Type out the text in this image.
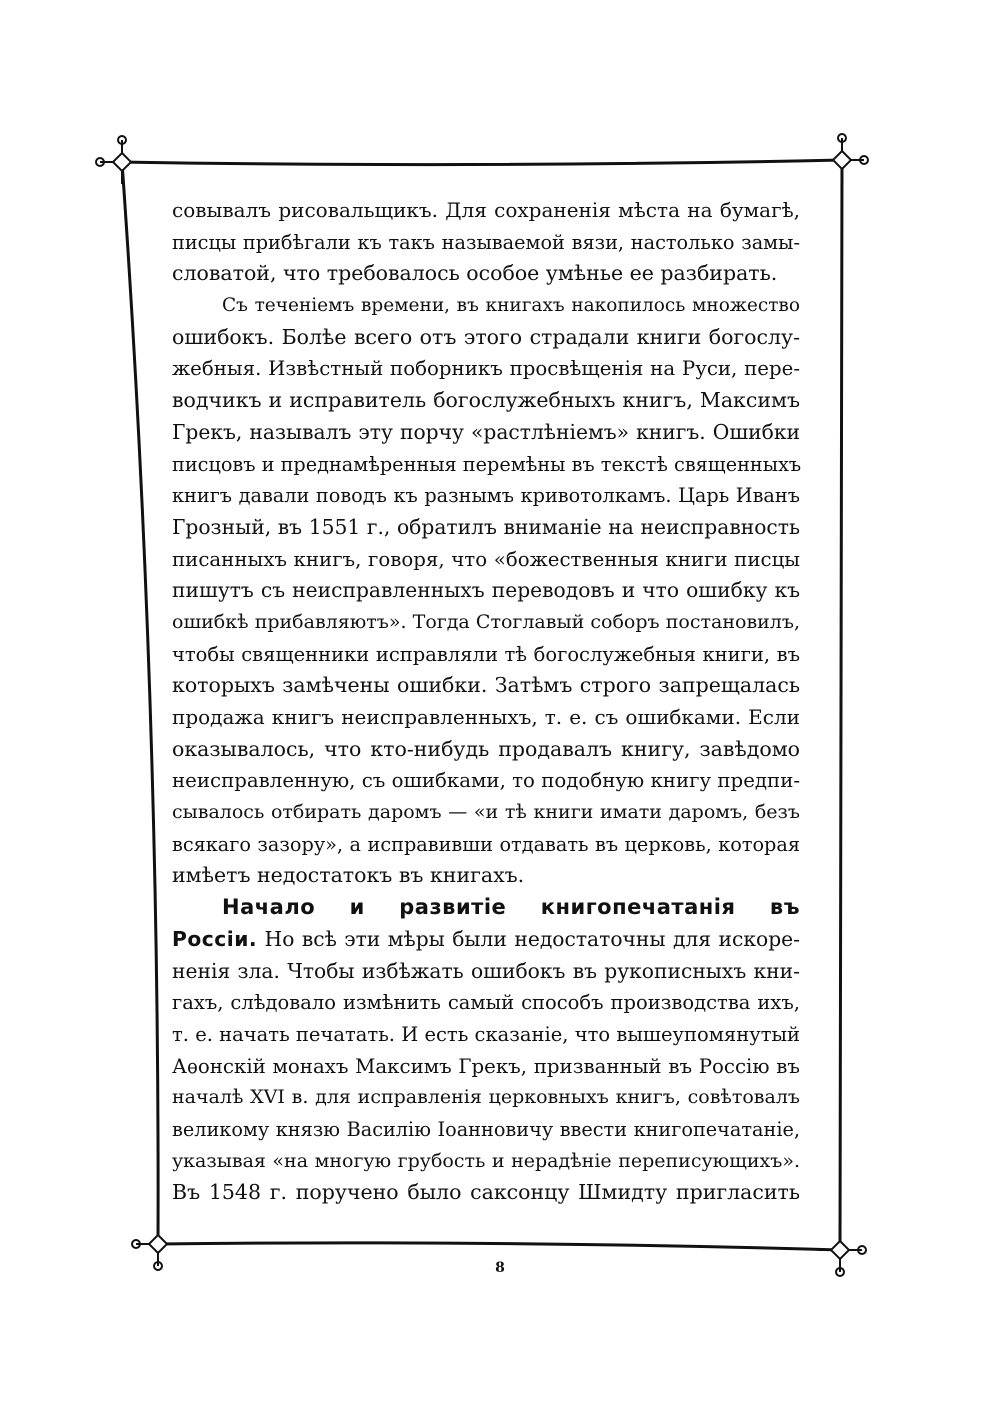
совывалъ рисовальщикъ. Для сохраненія мѣста на бумагѣ,
писцы прибѣгали къ такъ называемой вязи, настолько замы-
словатой, что требовалось особое умѣнье ее разбирать.
Съ теченіемъ времени, въ книгахъ накопилось множество
ошибокъ. Болѣе всего отъ этого страдали книги богослу-
жебныя. Извѣстный поборникъ просвѣщенія на Руси, пере-
водчикъ и исправитель богослужебныхъ книгъ, Максимъ
Грекъ, называлъ эту порчу «растлѣніемъ» книгъ. Ошибки
писцовъ и преднамѣренныя перемѣны въ текстѣ священныхъ
книгъ давали поводъ къ разнымъ кривотолкамъ. Царь Иванъ
Грозный, въ 1551 г., обратилъ вниманіе на неисправность
писанныхъ книгъ, говоря, что «божественныя книги писцы
пишутъ съ неисправленныхъ переводовъ и что ошибку къ
ошибкѣ прибавляютъ». Тогда Стоглавый соборъ постановилъ,
чтобы священники исправляли тѣ богослужебныя книги, въ
которыхъ замѣчены ошибки. Затѣмъ строго запрещалась
продажа книгъ неисправленныхъ, т. е. съ ошибками. Если
оказывалось, что кто-нибудь продавалъ книгу, завѣдомо
неисправленную, съ ошибками, то подобную книгу предпи-
сывалось отбирать даромъ — «и тѣ книги имати даромъ, безъ
всякаго зазору», а исправивши отдавать въ церковь, которая
имѣетъ недостатокъ въ книгахъ.
Начало и развитіе книгопечатанія въ
Россіи. Но всѣ эти мѣры были недостаточны для искоре-
ненія зла. Чтобы избѣжать ошибокъ въ рукописныхъ кни-
гахъ, слѣдовало измѣнить самый способъ производства ихъ,
т. е. начать печатать. И есть сказаніе, что вышеупомянутый
Аѳонскій монахъ Максимъ Грекъ, призванный въ Россію въ
началѣ XVI в. для исправленія церковныхъ книгъ, совѣтовалъ
великому князю Василію Іоанновичу ввести книгопечатаніе,
указывая «на многую грубость и нерадѣніе переписующихъ».
Въ 1548 г. поручено было саксонцу Шмидту пригласить
8
